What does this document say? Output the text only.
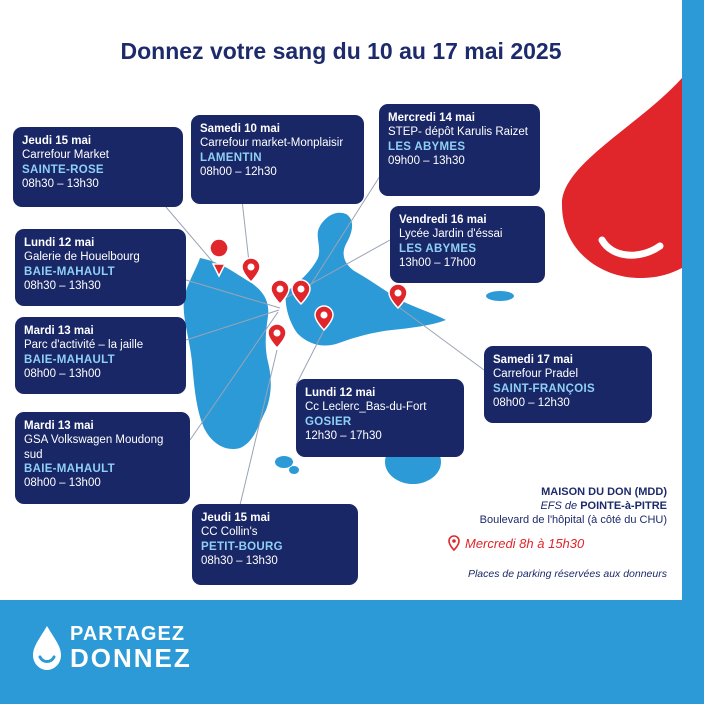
Donnez votre sang du 10 au 17 mai 2025
Jeudi 15 mai
Carrefour Market
SAINTE-ROSE
08h30 – 13h30
Samedi 10 mai
Carrefour market-Monplaisir
LAMENTIN
08h00 – 12h30
Mercredi 14 mai
STEP- dépôt Karulis Raizet
LES ABYMES
09h00 – 13h30
Vendredi 16 mai
Lycée Jardin d'éssai
LES ABYMES
13h00 – 17h00
Lundi 12 mai
Galerie de Houelbourg
BAIE-MAHAULT
08h30 – 13h30
Mardi 13 mai
Parc d'activité – la jaille
BAIE-MAHAULT
08h00 – 13h00
Samedi 17 mai
Carrefour Pradel
SAINT-FRANÇOIS
08h00 – 12h30
Lundi 12 mai
Cc Leclerc_Bas-du-Fort
GOSIER
12h30 – 17h30
Mardi 13 mai
GSA Volkswagen Moudong sud
BAIE-MAHAULT
08h00 – 13h00
Jeudi 15 mai
CC Collin's
PETIT-BOURG
08h30 – 13h30
MAISON DU DON (MDD)
EFS de POINTE-à-PITRE
Boulevard de l'hôpital (à côté du CHU)
Mercredi 8h à 15h30
Places de parking réservées aux donneurs
PARTAGEZ
DONNEZ
